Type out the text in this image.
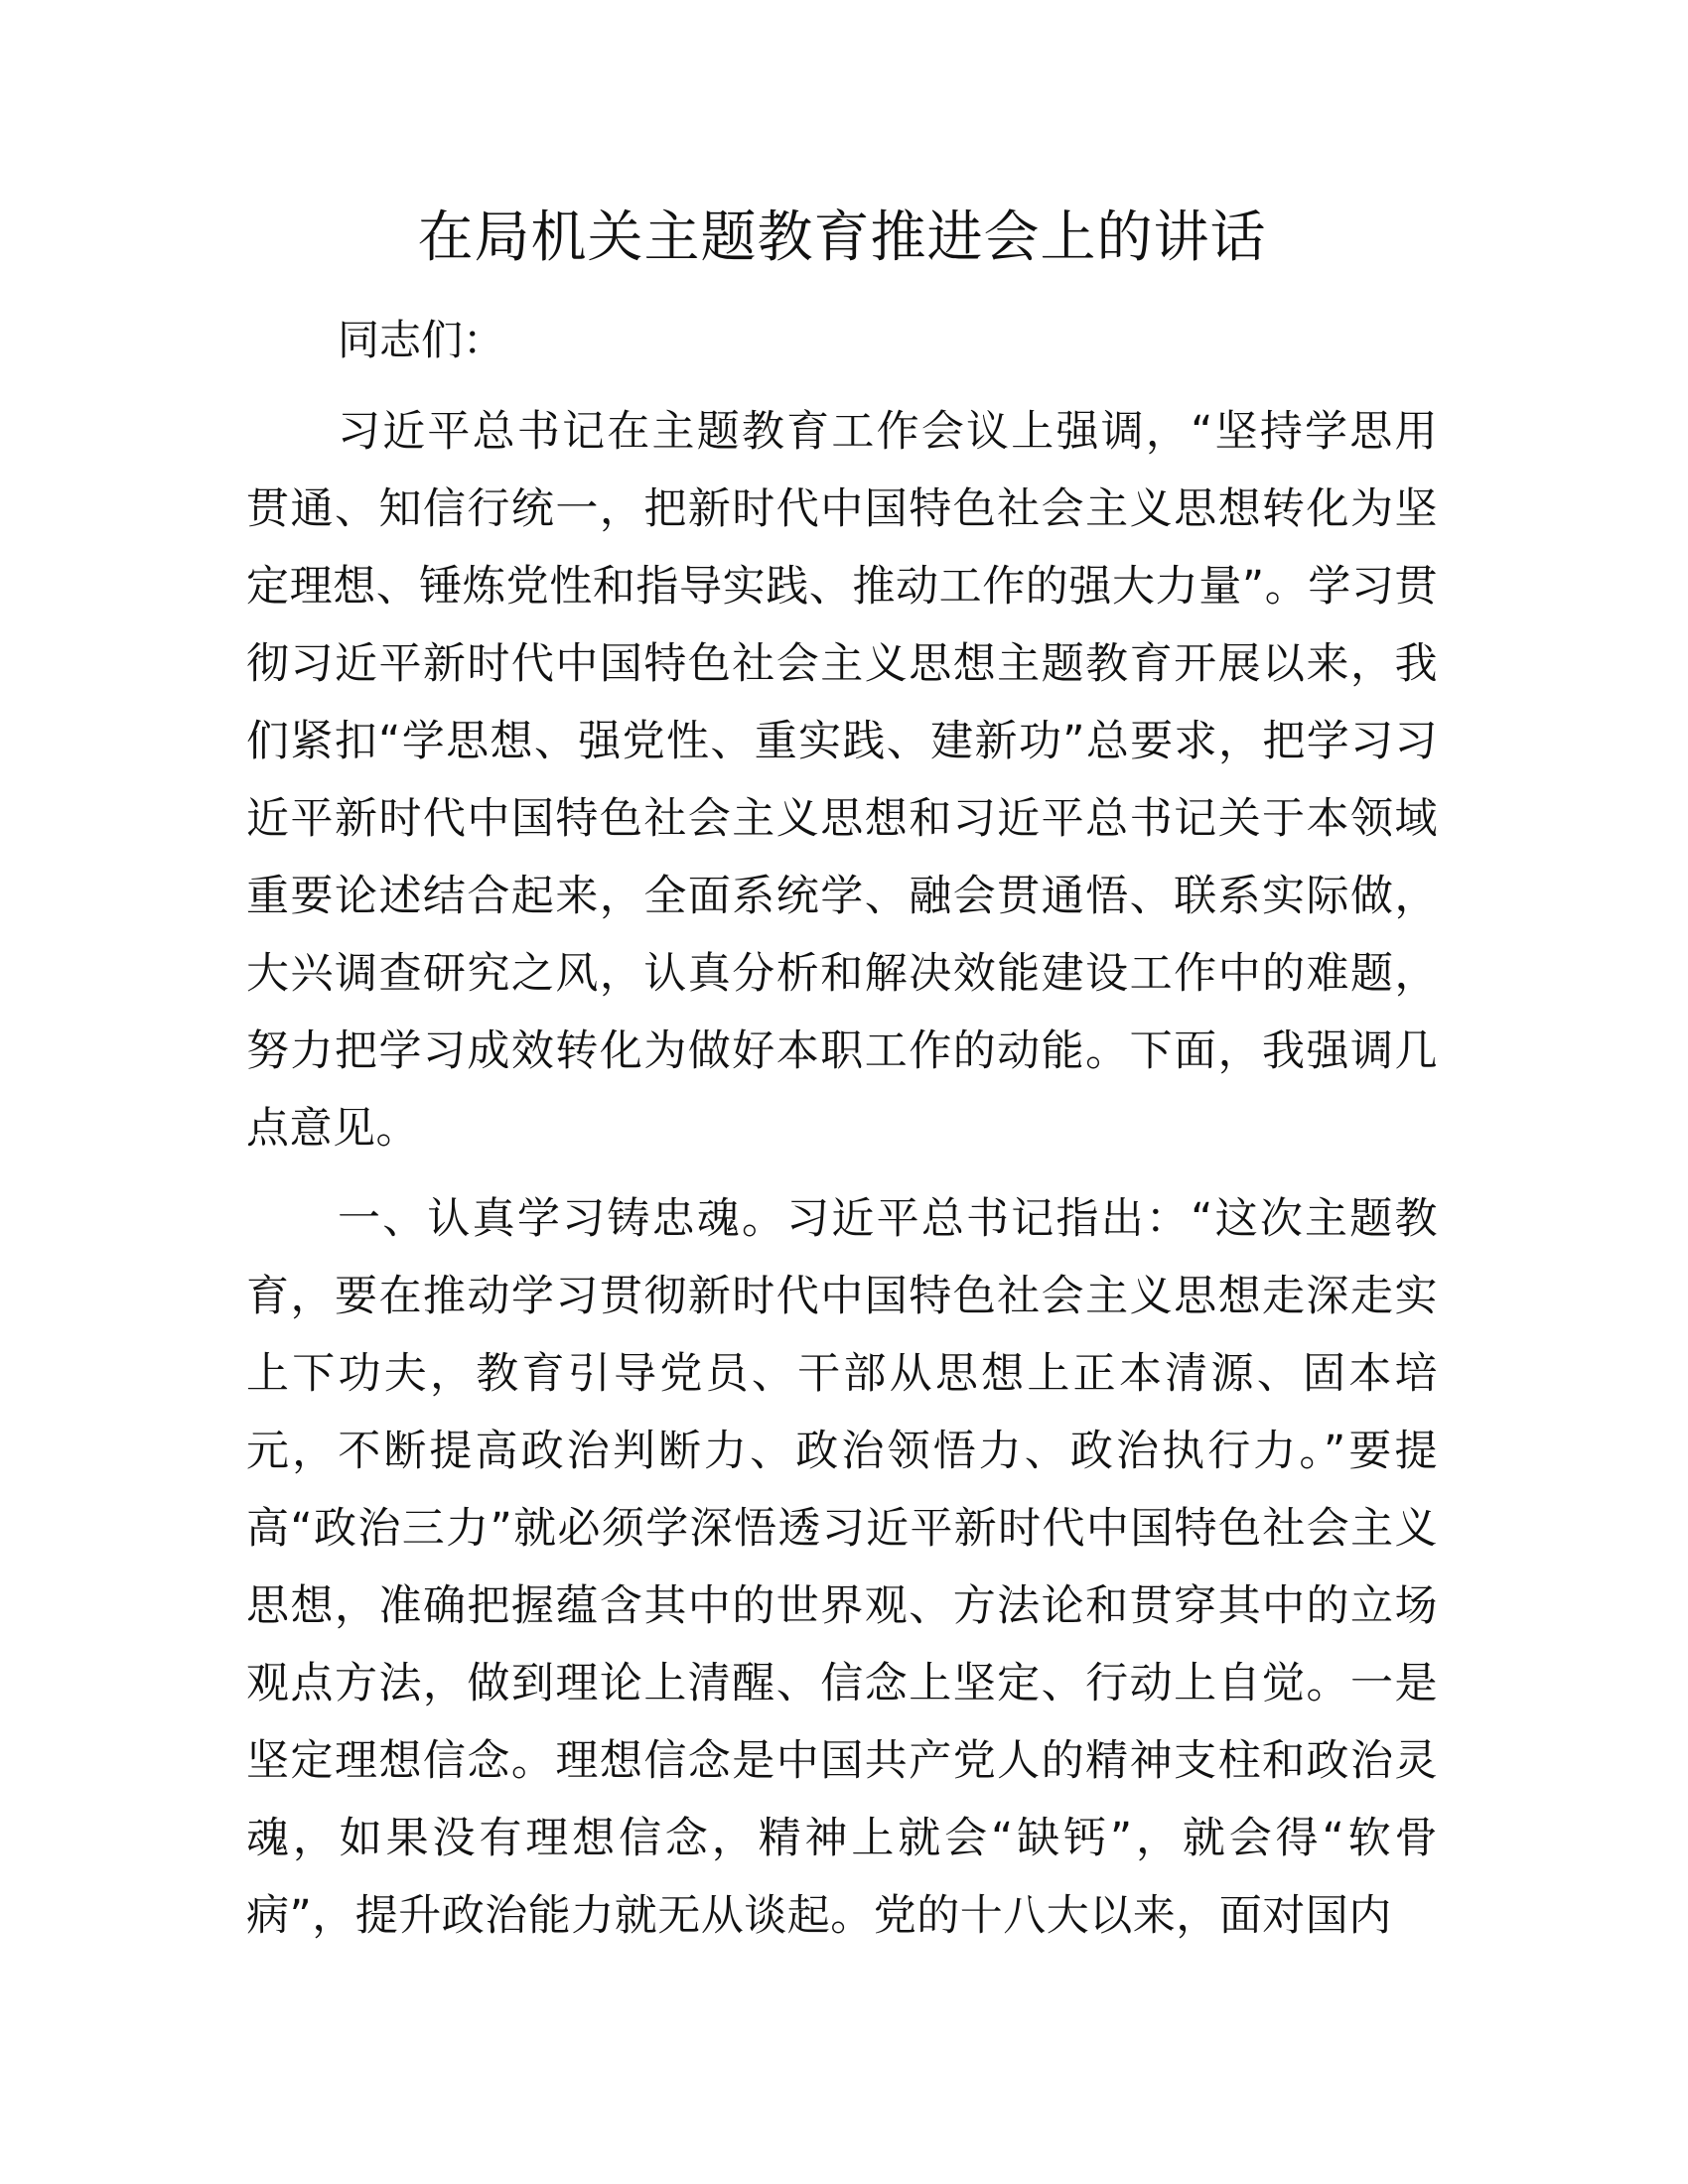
在局机关主题教育推进会上的讲话

同志们：

习近平总书记在主题教育工作会议上强调，“坚持学思用贯通、知信行统一，把新时代中国特色社会主义思想转化为坚定理想、锤炼党性和指导实践、推动工作的强大力量”。学习贯彻习近平新时代中国特色社会主义思想主题教育开展以来，我们紧扣“学思想、强党性、重实践、建新功”总要求，把学习习近平新时代中国特色社会主义思想和习近平总书记关于本领域重要论述结合起来，全面系统学、融会贯通悟、联系实际做，大兴调查研究之风，认真分析和解决效能建设工作中的难题，努力把学习成效转化为做好本职工作的动能。下面，我强调几点意见。

一、认真学习铸忠魂。习近平总书记指出：“这次主题教育，要在推动学习贯彻新时代中国特色社会主义思想走深走实上下功夫，教育引导党员、干部从思想上正本清源、固本培元，不断提高政治判断力、政治领悟力、政治执行力。”要提高“政治三力”就必须学深悟透习近平新时代中国特色社会主义思想，准确把握蕴含其中的世界观、方法论和贯穿其中的立场观点方法，做到理论上清醒、信念上坚定、行动上自觉。一是坚定理想信念。理想信念是中国共产党人的精神支柱和政治灵魂，如果没有理想信念，精神上就会“缺钙”，就会得“软骨病”，提升政治能力就无从谈起。党的十八大以来，面对国内
